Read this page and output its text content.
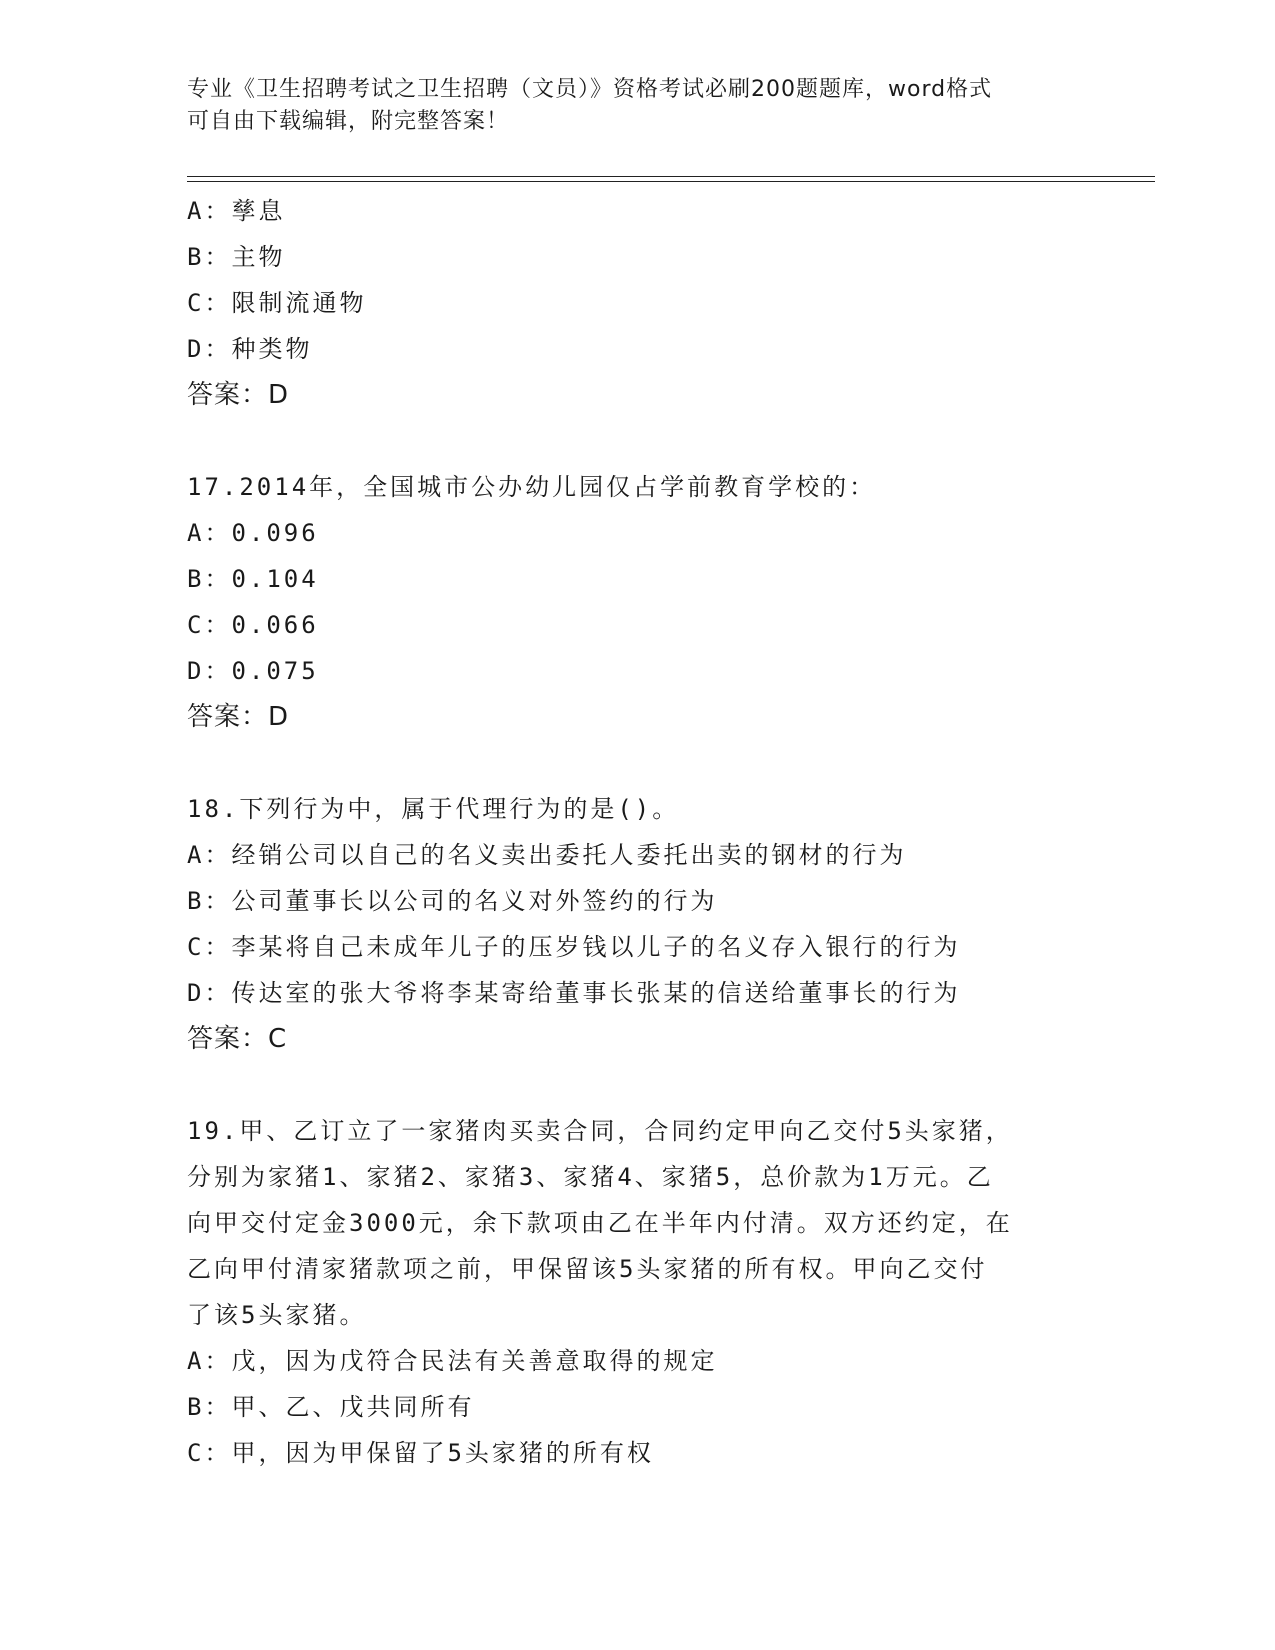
专业《卫生招聘考试之卫生招聘（文员）》资格考试必刷200题题库，word格式
可自由下载编辑，附完整答案！
A：孳息
B：主物
C：限制流通物
D：种类物
答案：D
17.2014年，全国城市公办幼儿园仅占学前教育学校的：
A：0.096
B：0.104
C：0.066
D：0.075
答案：D
18.下列行为中，属于代理行为的是()。
A：经销公司以自己的名义卖出委托人委托出卖的钢材的行为
B：公司董事长以公司的名义对外签约的行为
C：李某将自己未成年儿子的压岁钱以儿子的名义存入银行的行为
D：传达室的张大爷将李某寄给董事长张某的信送给董事长的行为
答案：C
19.甲、乙订立了一家猪肉买卖合同，合同约定甲向乙交付5头家猪，
分别为家猪1、家猪2、家猪3、家猪4、家猪5，总价款为1万元。乙
向甲交付定金3000元，余下款项由乙在半年内付清。双方还约定，在
乙向甲付清家猪款项之前，甲保留该5头家猪的所有权。甲向乙交付
了该5头家猪。
A：戊，因为戊符合民法有关善意取得的规定
B：甲、乙、戊共同所有
C：甲，因为甲保留了5头家猪的所有权
